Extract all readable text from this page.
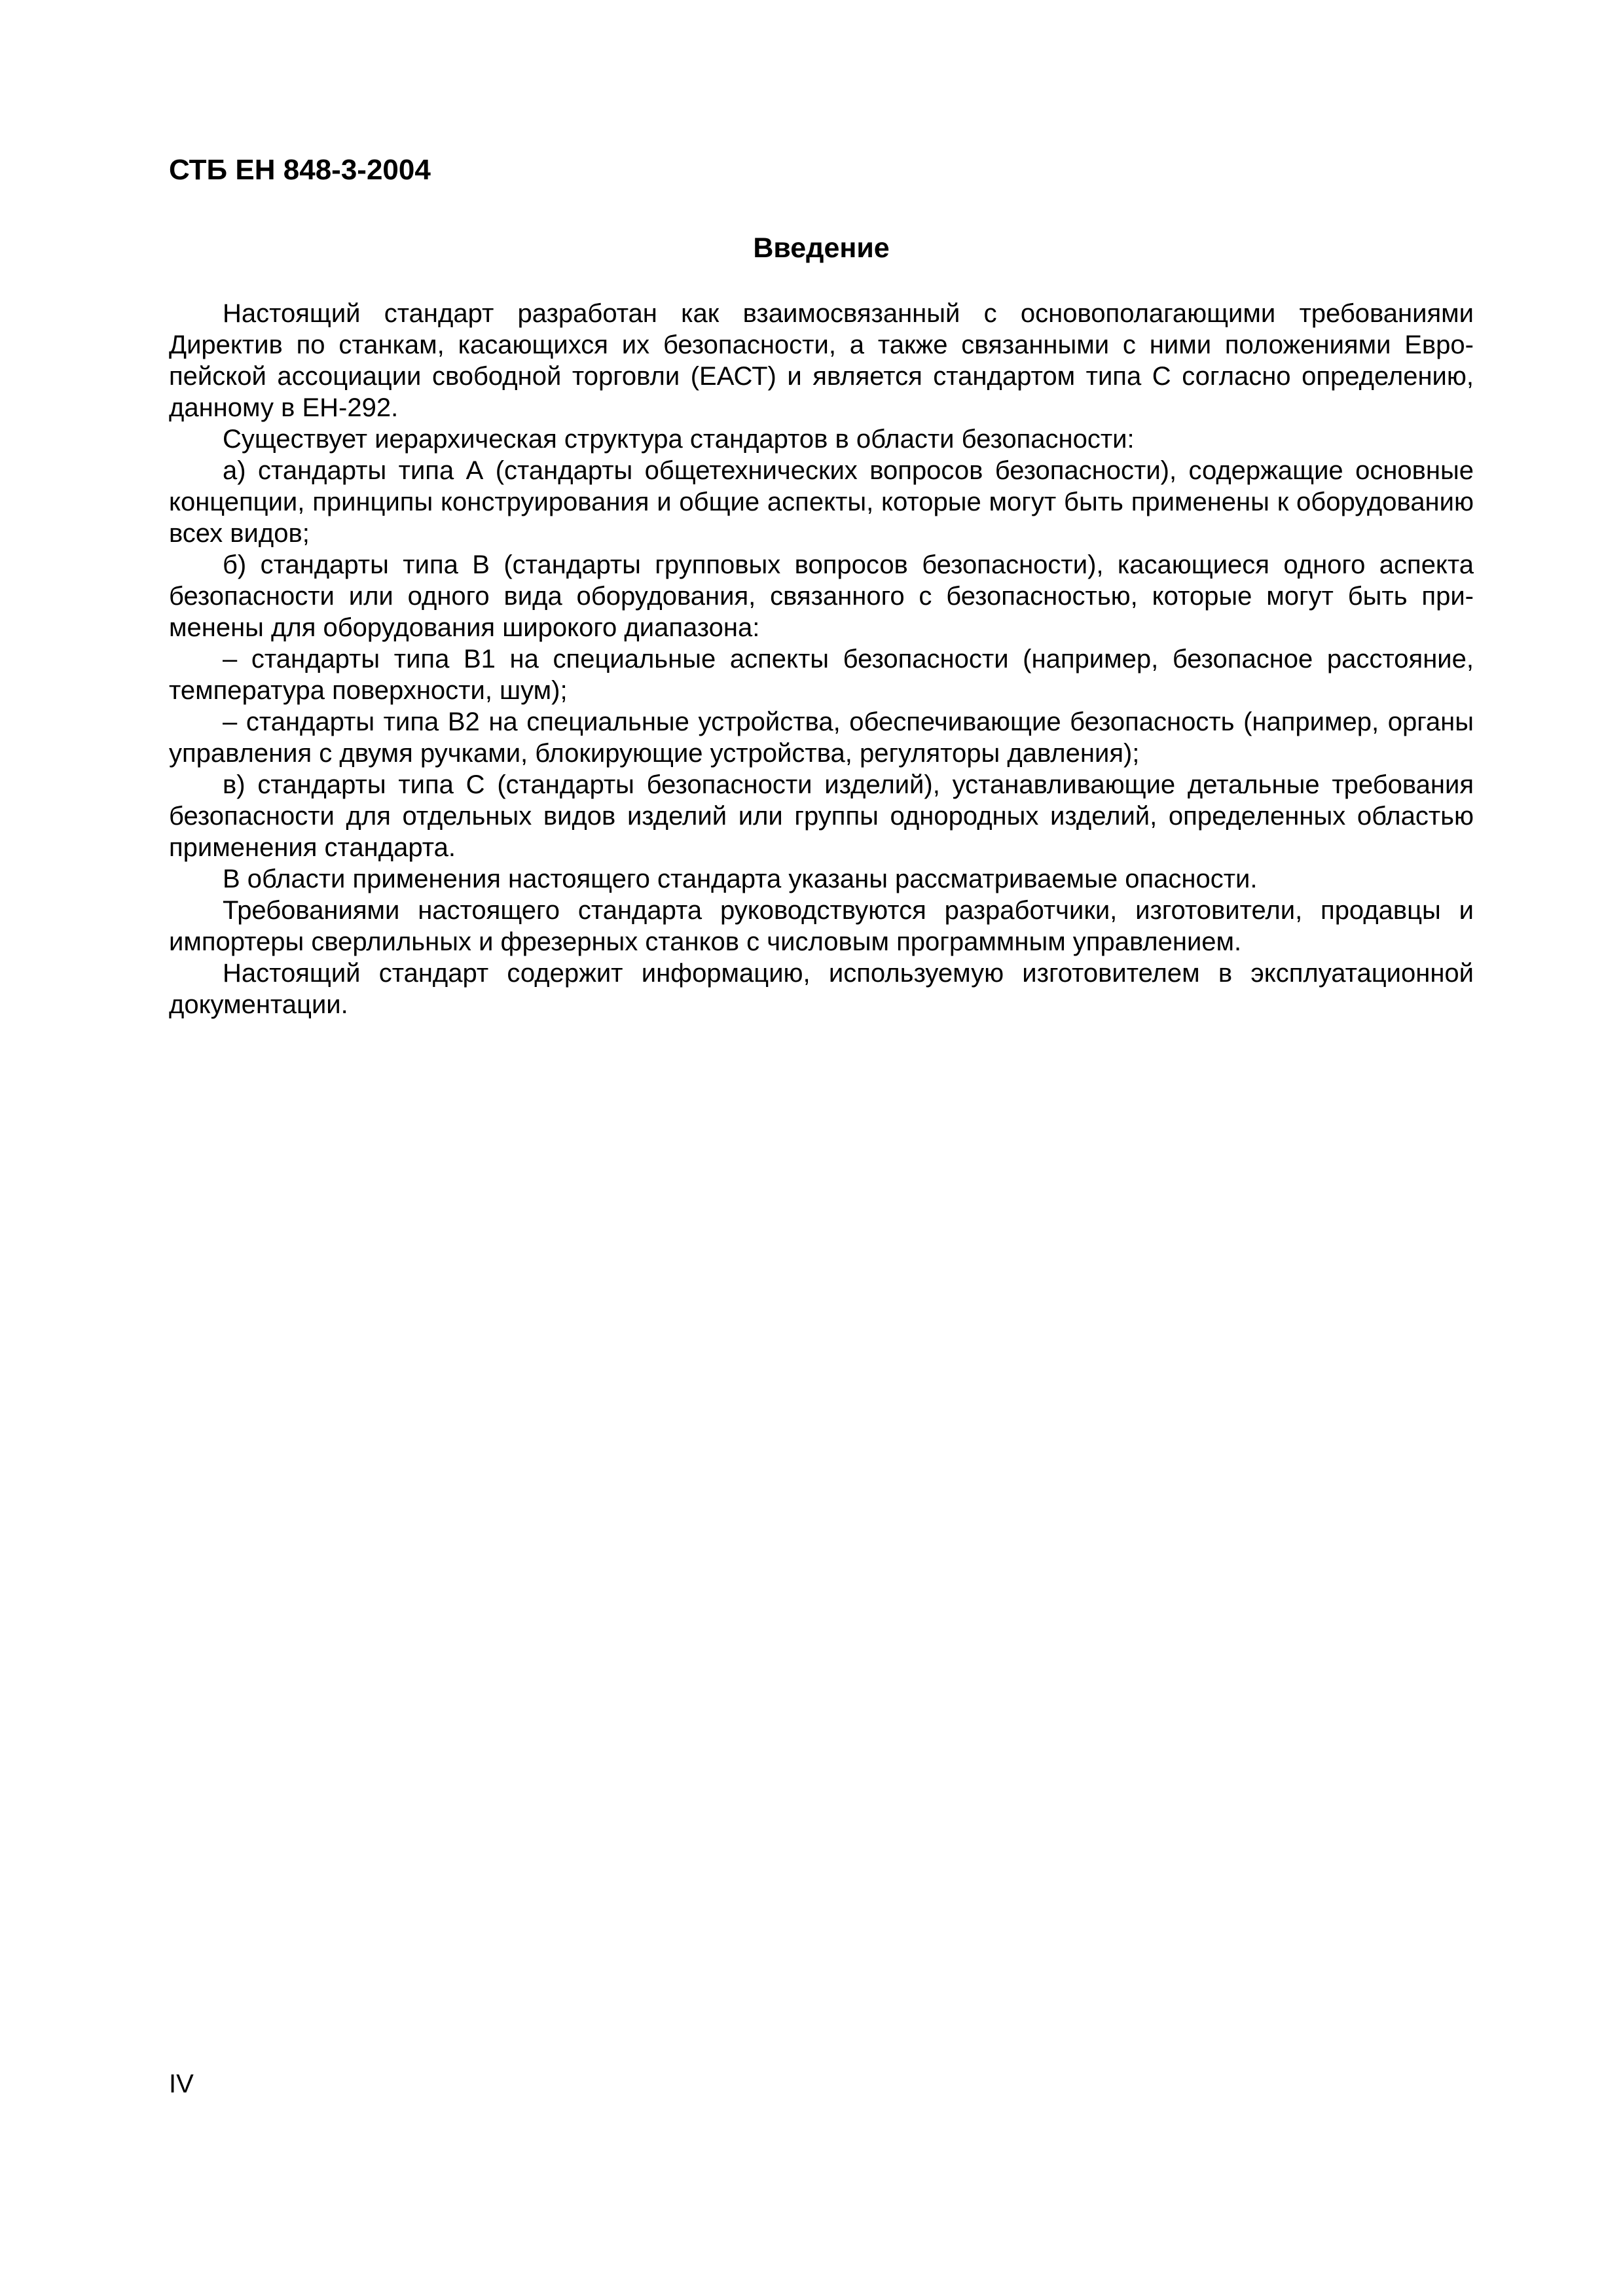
СТБ ЕН 848-3-2004
Введение

Настоящий стандарт разработан как взаимосвязанный с основополагающими требованиями Директив по станкам, касающихся их безопасности, а также связанными с ними положениями Европейской ассоциации свободной торговли (ЕАСТ) и является стандартом типа С согласно определению, данному в ЕН-292.

Существует иерархическая структура стандартов в области безопасности:

а) стандарты типа А (стандарты общетехнических вопросов безопасности), содержащие основные концепции, принципы конструирования и общие аспекты, которые могут быть применены к оборудованию всех видов;

б) стандарты типа В (стандарты групповых вопросов безопасности), касающиеся одного аспекта безопасности или одного вида оборудования, связанного с безопасностью, которые могут быть применены для оборудования широкого диапазона:

– стандарты типа В1 на специальные аспекты безопасности (например, безопасное расстояние, температура поверхности, шум);

– стандарты типа В2 на специальные устройства, обеспечивающие безопасность (например, органы управления с двумя ручками, блокирующие устройства, регуляторы давления);

в) стандарты типа С (стандарты безопасности изделий), устанавливающие детальные требования безопасности для отдельных видов изделий или группы однородных изделий, определенных областью применения стандарта.

В области применения настоящего стандарта указаны рассматриваемые опасности.

Требованиями настоящего стандарта руководствуются разработчики, изготовители, продавцы и импортеры сверлильных и фрезерных станков с числовым программным управлением.

Настоящий стандарт содержит информацию, используемую изготовителем в эксплуатационной документации.

IV
